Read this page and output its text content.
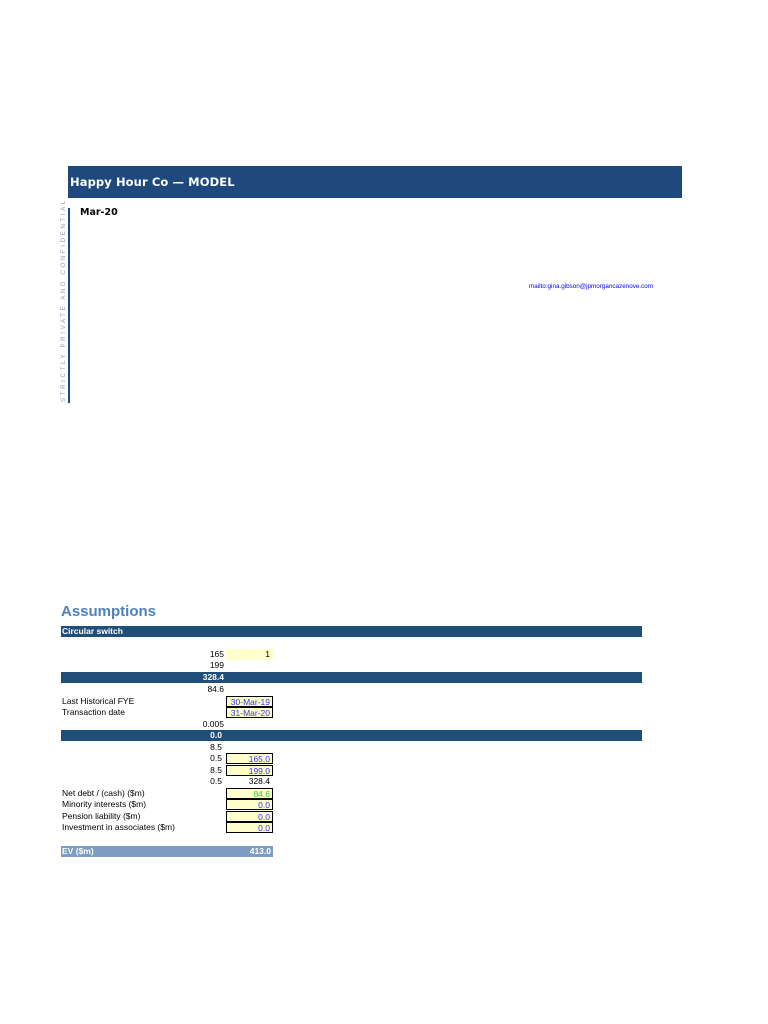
Happy Hour Co — MODEL
STRICTLY PRIVATE AND CONFIDENTIAL Mar-20
mailto:gina.gibson@jpmorgancazenove.com
Assumptions
Circular switch
165	1
199
328.4
84.6
Last Historical FYE	30-Mar-19
Transaction date	31-Mar-20
0.005
0.0
8.5
0.5	165.0
8.5	199.0
0.5	328.4
Net debt / (cash) ($m)	84.6
Minority interests ($m)	0.0
Pension liability ($m)	0.0
Investment in associates ($m)	0.0
EV ($m)	413.0
